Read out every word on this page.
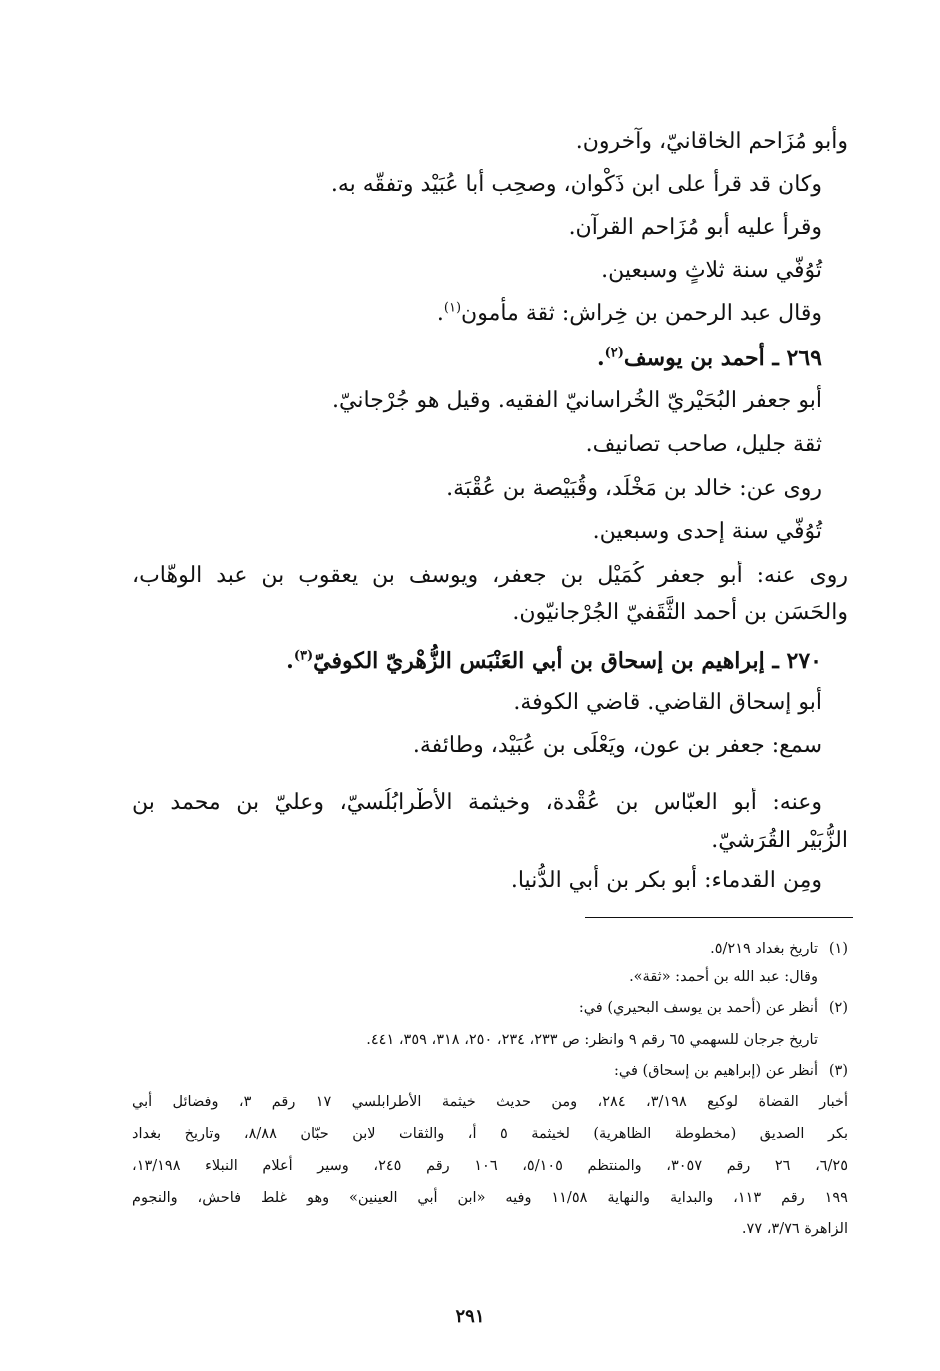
وأبو مُزَاحم الخاقانيّ، وآخرون.
وكان قد قرأ على ابن ذَكْوان، وصحِب أبا عُبَيْد وتفقّه به.
وقرأ عليه أبو مُزَاحم القرآن.
تُوُفّي سنة ثلاثٍ وسبعين.
وقال عبد الرحمن بن خِراش: ثقة مأمون$^{(١)}$.
٢٦٩ ـ أحمد بن يوسف$^{(٢)}$.
أبو جعفر البُحَيْريّ الخُراسانيّ الفقيه. وقيل هو جُرْجانيّ.
ثقة جليل، صاحب تصانيف.
روى عن: خالد بن مَخْلَد، وقُبَيْصة بن عُقْبَة.
تُوُفّي سنة إحدى وسبعين.
روى عنه: أبو جعفر كُمَيْل بن جعفر، ويوسف بن يعقوب بن عبد الوهّاب،
والحَسَن بن أحمد الثَّقَفيّ الجُرْجانيّون.
٢٧٠ ـ إبراهيم بن إسحاق بن أبي العَنْبَس الزُّهْريّ الكوفيّ$^{(٣)}$.
أبو إسحاق القاضي. قاضي الكوفة.
سمع: جعفر بن عون، ويَعْلَى بن عُبَيْد، وطائفة.
وعنه: أبو العبّاس بن عُقْدة، وخيثمة الأَطْرابُلُسيّ، وعليّ بن محمد بن
الزُّبَيْر القُرَشيّ.
ومِن القدماء: أبو بكر بن أبي الدُّنيا.
(١)تاريخ بغداد ٥/٢١٩.
وقال: عبد الله بن أحمد: «ثقة».
(٢)أنظر عن (أحمد بن يوسف البحيري) في:
تاريخ جرجان للسهمي ٦٥ رقم ٩ وانظر: ص ٢٣٣، ٢٣٤، ٢٥٠، ٣١٨، ٣٥٩، ٤٤١.
(٣)أنظر عن (إبراهيم بن إسحاق) في:
أخبار القضاة لوكيع ٣/١٩٨، ٢٨٤، ومن حديث خيثمة الأطرابلسي ١٧ رقم ٣، وفضائل أبي
بكر الصديق (مخطوطة الظاهرية) لخيثمة ٥ أ، والثقات لابن حبّان ٨/٨٨، وتاريخ بغداد
٦/٢٥، ٢٦ رقم ٣٠٥٧، والمنتظم ٥/١٠٥، ١٠٦ رقم ٢٤٥، وسير أعلام النبلاء ١٣/١٩٨،
١٩٩ رقم ١١٣، والبداية والنهاية ١١/٥٨ وفيه «ابن أبي العينين» وهو غلط فاحش، والنجوم
الزاهرة ٣/٧٦، ٧٧.
٢٩١
